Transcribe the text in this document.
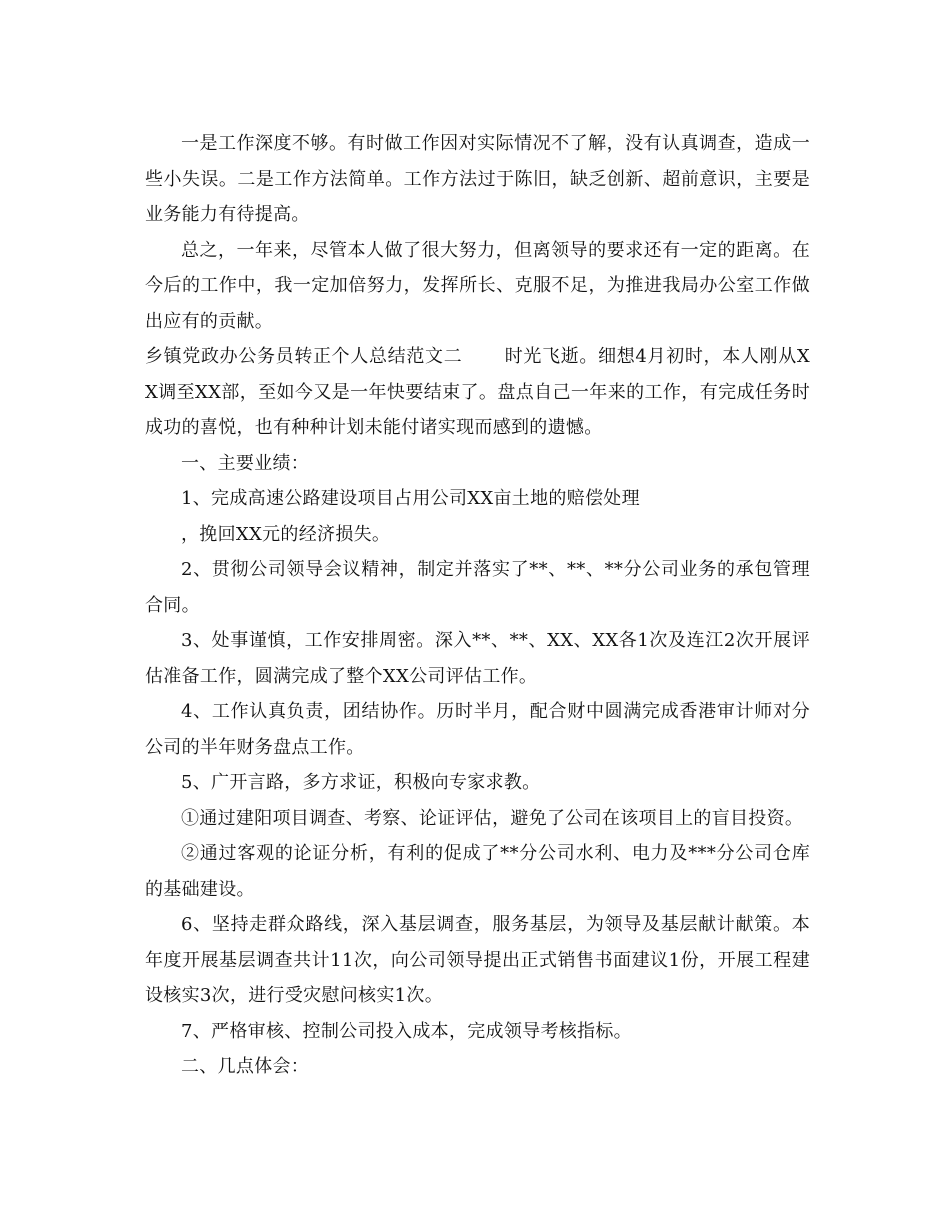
一是工作深度不够。有时做工作因对实际情况不了解，没有认真调查，造成一些小失误。二是工作方法简单。工作方法过于陈旧，缺乏创新、超前意识，主要是业务能力有待提高。

总之，一年来，尽管本人做了很大努力，但离领导的要求还有一定的距离。在今后的工作中，我一定加倍努力，发挥所长、克服不足，为推进我局办公室工作做出应有的贡献。

乡镇党政办公务员转正个人总结范文二 时光飞逝。细想4月初时，本人刚从XX调至XX部，至如今又是一年快要结束了。盘点自己一年来的工作，有完成任务时成功的喜悦，也有种种计划未能付诸实现而感到的遗憾。

一、主要业绩：

1、完成高速公路建设项目占用公司XX亩土地的赔偿处理

，挽回XX元的经济损失。

2、贯彻公司领导会议精神，制定并落实了**、**、**分公司业务的承包管理合同。

3、处事谨慎，工作安排周密。深入**、**、XX、XX各1次及连江2次开展评估准备工作，圆满完成了整个XX公司评估工作。

4、工作认真负责，团结协作。历时半月，配合财中圆满完成香港审计师对分公司的半年财务盘点工作。

5、广开言路，多方求证，积极向专家求教。

①通过建阳项目调查、考察、论证评估，避免了公司在该项目上的盲目投资。

②通过客观的论证分析，有利的促成了**分公司水利、电力及***分公司仓库的基础建设。

6、坚持走群众路线，深入基层调查，服务基层，为领导及基层献计献策。本年度开展基层调查共计11次，向公司领导提出正式销售书面建议1份，开展工程建设核实3次，进行受灾慰问核实1次。

7、严格审核、控制公司投入成本，完成领导考核指标。

二、几点体会：
